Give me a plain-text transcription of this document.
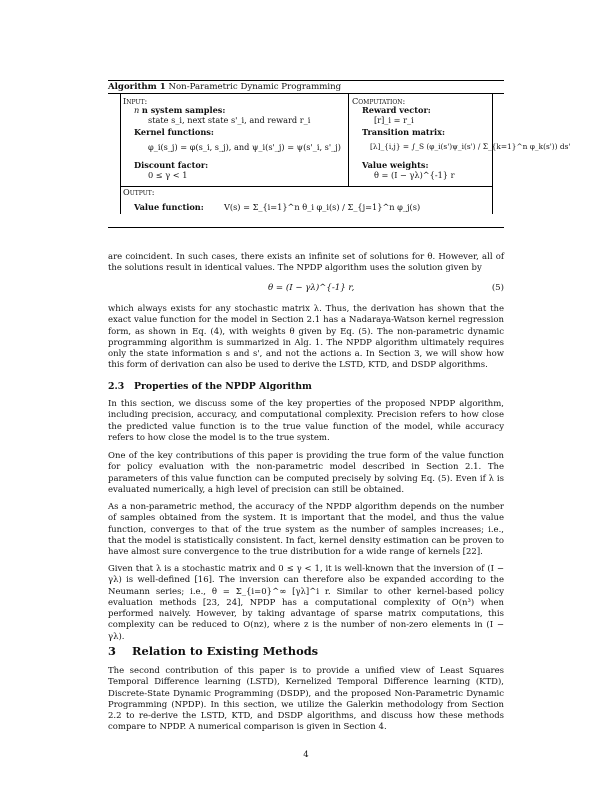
Algorithm 1 Non-Parametric Dynamic Programming
Input:
n n system samples:
state s_i, next state s'_i, and reward r_i
Kernel functions:
φ_i(s_j) = φ(s_i, s_j), and ψ_i(s'_j) = ψ(s'_i, s'_j)
Discount factor:
0 ≤ γ < 1
Computation:
Reward vector:
[r]_i = r_i
Transition matrix:
[λ]_{i,j} = ∫_S (φ_i(s')ψ_i(s') / Σ_{k=1}^n φ_k(s')) ds'
Value weights:
θ = (I − γλ)^{-1} r
Output:
Value function: V(s) = Σ_{i=1}^n θ_i φ_i(s) / Σ_{j=1}^n φ_j(s)

are coincident. In such cases, there exists an infinite set of solutions for θ. However, all of the solutions result in identical values. The NPDP algorithm uses the solution given by

θ = (I − γλ)^{-1} r,	(5)

which always exists for any stochastic matrix λ. Thus, the derivation has shown that the exact value function for the model in Section 2.1 has a Nadaraya-Watson kernel regression form, as shown in Eq. (4), with weights θ given by Eq. (5). The non-parametric dynamic programming algorithm is summarized in Alg. 1. The NPDP algorithm ultimately requires only the state information s and s', and not the actions a. In Section 3, we will show how this form of derivation can also be used to derive the LSTD, KTD, and DSDP algorithms.

2.3 Properties of the NPDP Algorithm

In this section, we discuss some of the key properties of the proposed NPDP algorithm, including precision, accuracy, and computational complexity. Precision refers to how close the predicted value function is to the true value function of the model, while accuracy refers to how close the model is to the true system.

One of the key contributions of this paper is providing the true form of the value function for policy evaluation with the non-parametric model described in Section 2.1. The parameters of this value function can be computed precisely by solving Eq. (5). Even if λ is evaluated numerically, a high level of precision can still be obtained.

As a non-parametric method, the accuracy of the NPDP algorithm depends on the number of samples obtained from the system. It is important that the model, and thus the value function, converges to that of the true system as the number of samples increases; i.e., that the model is statistically consistent. In fact, kernel density estimation can be proven to have almost sure convergence to the true distribution for a wide range of kernels [22].

Given that λ is a stochastic matrix and 0 ≤ γ < 1, it is well-known that the inversion of (I − γλ) is well-defined [16]. The inversion can therefore also be expanded according to the Neumann series; i.e., θ = Σ_{i=0}^∞ [γλ]^i r. Similar to other kernel-based policy evaluation methods [23, 24], NPDP has a computational complexity of O(n³) when performed naively. However, by taking advantage of sparse matrix computations, this complexity can be reduced to O(nz), where z is the number of non-zero elements in (I − γλ).

3 Relation to Existing Methods

The second contribution of this paper is to provide a unified view of Least Squares Temporal Difference learning (LSTD), Kernelized Temporal Difference learning (KTD), Discrete-State Dynamic Programming (DSDP), and the proposed Non-Parametric Dynamic Programming (NPDP). In this section, we utilize the Galerkin methodology from Section 2.2 to re-derive the LSTD, KTD, and DSDP algorithms, and discuss how these methods compare to NPDP. A numerical comparison is given in Section 4.

4
